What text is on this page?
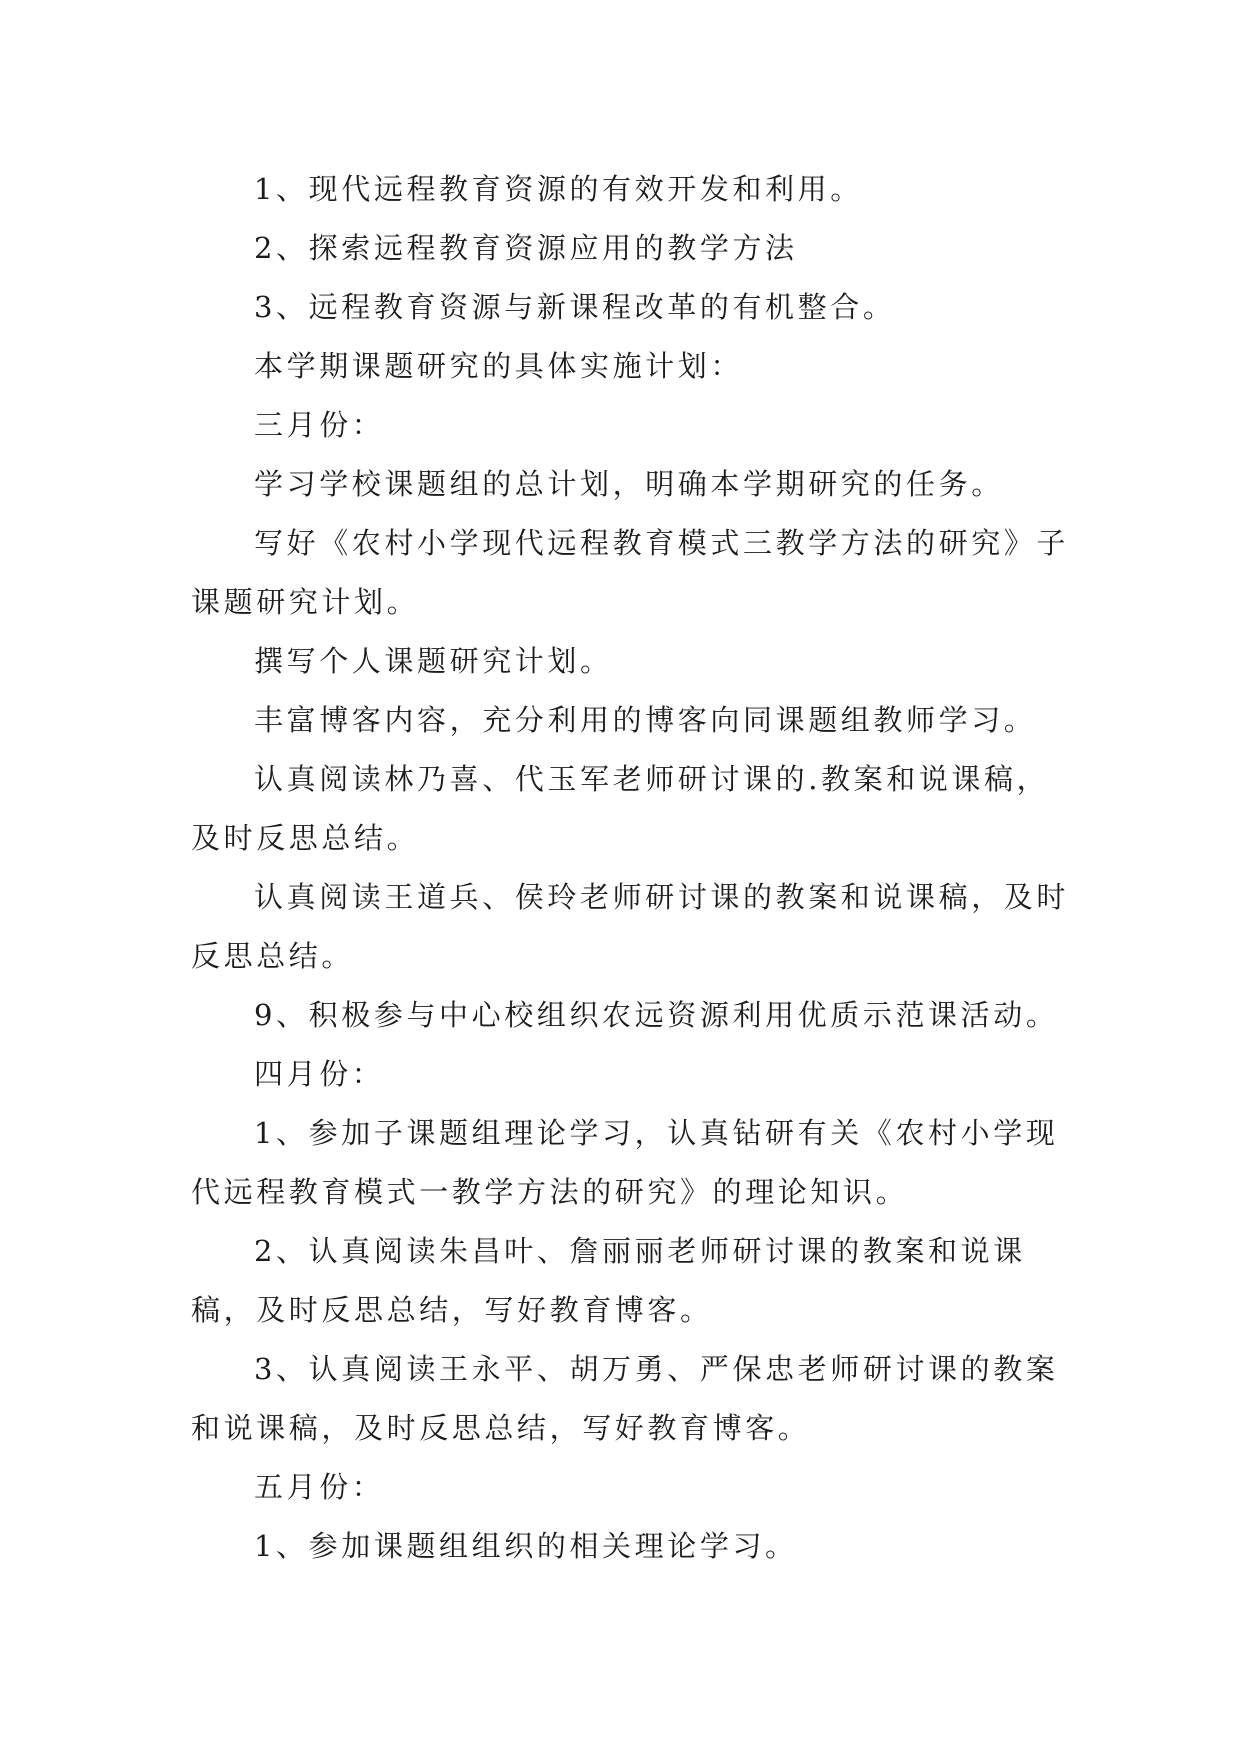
1、现代远程教育资源的有效开发和利用。

2、探索远程教育资源应用的教学方法

3、远程教育资源与新课程改革的有机整合。

本学期课题研究的具体实施计划：

三月份：

学习学校课题组的总计划，明确本学期研究的任务。

写好《农村小学现代远程教育模式三教学方法的研究》子课题研究计划。

撰写个人课题研究计划。

丰富博客内容，充分利用的博客向同课题组教师学习。

认真阅读林乃喜、代玉军老师研讨课的.教案和说课稿，及时反思总结。

认真阅读王道兵、侯玲老师研讨课的教案和说课稿，及时反思总结。

9、积极参与中心校组织农远资源利用优质示范课活动。

四月份：

1、参加子课题组理论学习，认真钻研有关《农村小学现代远程教育模式一教学方法的研究》的理论知识。

2、认真阅读朱昌叶、詹丽丽老师研讨课的教案和说课稿，及时反思总结，写好教育博客。

3、认真阅读王永平、胡万勇、严保忠老师研讨课的教案和说课稿，及时反思总结，写好教育博客。

五月份：

1、参加课题组组织的相关理论学习。
